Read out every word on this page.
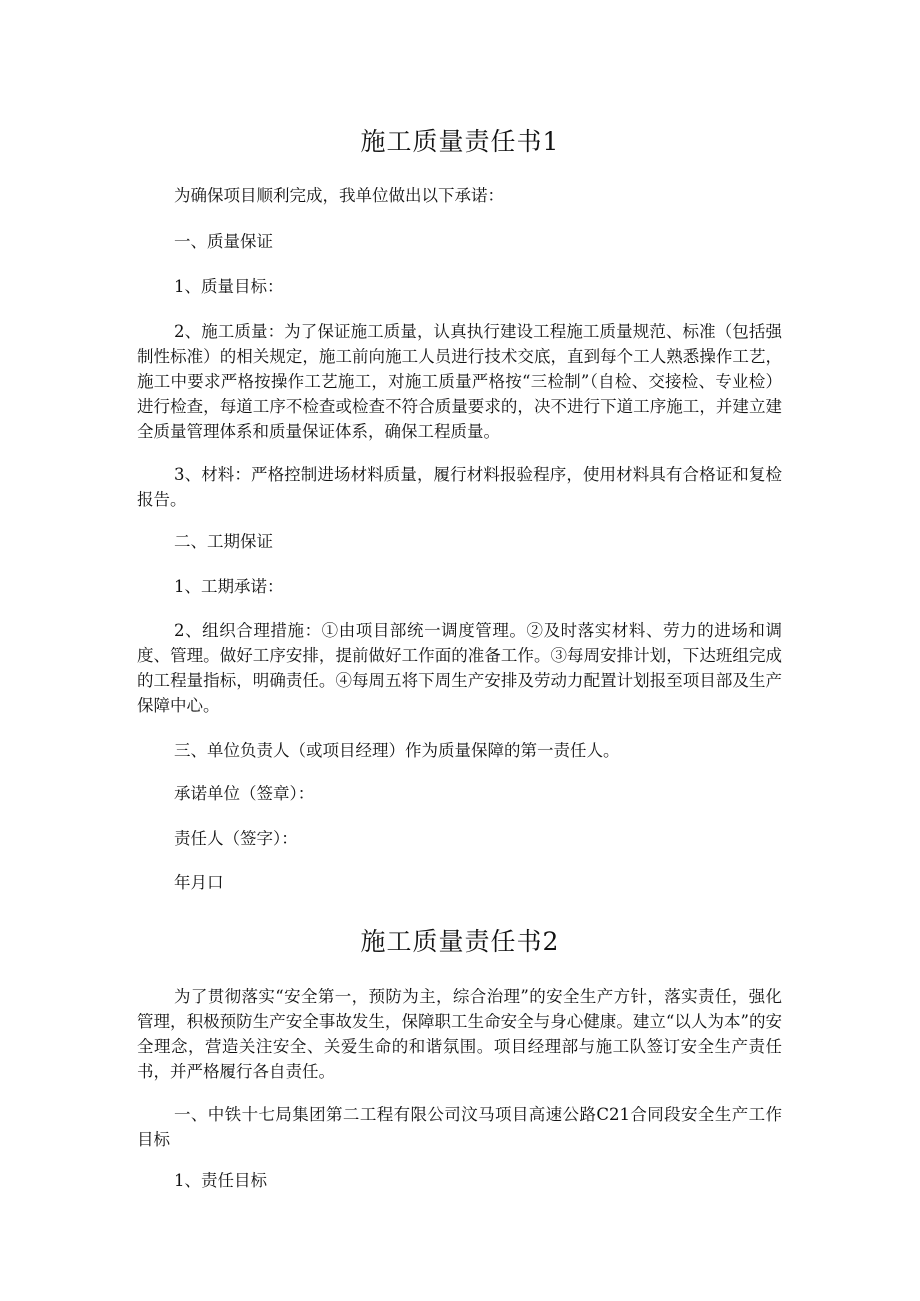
施工质量责任书1

为确保项目顺利完成，我单位做出以下承诺：

一、质量保证

1、质量目标：

2、施工质量：为了保证施工质量，认真执行建设工程施工质量规范、标准（包括强制性标准）的相关规定，施工前向施工人员进行技术交底，直到每个工人熟悉操作工艺，施工中要求严格按操作工艺施工，对施工质量严格按“三检制”（自检、交接检、专业检）进行检查，每道工序不检查或检查不符合质量要求的，决不进行下道工序施工，并建立建全质量管理体系和质量保证体系，确保工程质量。

3、材料：严格控制进场材料质量，履行材料报验程序，使用材料具有合格证和复检报告。

二、工期保证

1、工期承诺：

2、组织合理措施：①由项目部统一调度管理。②及时落实材料、劳力的进场和调度、管理。做好工序安排，提前做好工作面的准备工作。③每周安排计划，下达班组完成的工程量指标，明确责任。④每周五将下周生产安排及劳动力配置计划报至项目部及生产保障中心。

三、单位负责人（或项目经理）作为质量保障的第一责任人。

承诺单位（签章）：

责任人（签字）：

年月口

施工质量责任书2

为了贯彻落实“安全第一，预防为主，综合治理”的安全生产方针，落实责任，强化管理，积极预防生产安全事故发生，保障职工生命安全与身心健康。建立“以人为本”的安全理念，营造关注安全、关爱生命的和谐氛围。项目经理部与施工队签订安全生产责任书，并严格履行各自责任。

一、中铁十七局集团第二工程有限公司汶马项目高速公路C21合同段安全生产工作目标

1、责任目标
